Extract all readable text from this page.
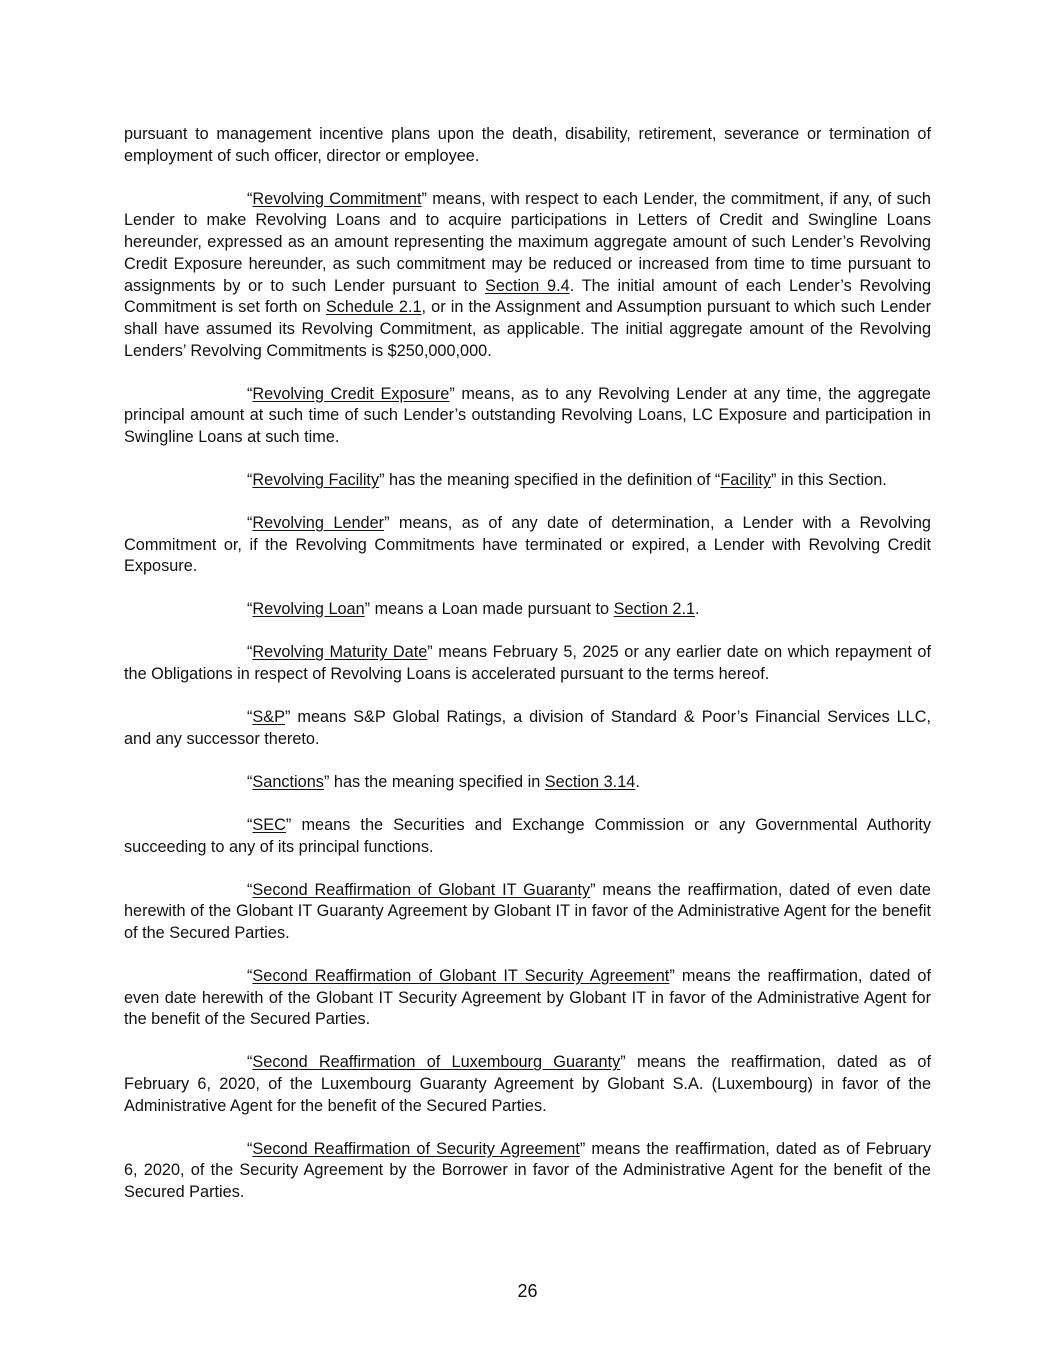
pursuant to management incentive plans upon the death, disability, retirement, severance or termination of employment of such officer, director or employee.

“Revolving Commitment” means, with respect to each Lender, the commitment, if any, of such Lender to make Revolving Loans and to acquire participations in Letters of Credit and Swingline Loans hereunder, expressed as an amount representing the maximum aggregate amount of such Lender’s Revolving Credit Exposure hereunder, as such commitment may be reduced or increased from time to time pursuant to assignments by or to such Lender pursuant to Section 9.4. The initial amount of each Lender’s Revolving Commitment is set forth on Schedule 2.1, or in the Assignment and Assumption pursuant to which such Lender shall have assumed its Revolving Commitment, as applicable. The initial aggregate amount of the Revolving Lenders’ Revolving Commitments is $250,000,000.

“Revolving Credit Exposure” means, as to any Revolving Lender at any time, the aggregate principal amount at such time of such Lender’s outstanding Revolving Loans, LC Exposure and participation in Swingline Loans at such time.

“Revolving Facility” has the meaning specified in the definition of “Facility” in this Section.

“Revolving Lender” means, as of any date of determination, a Lender with a Revolving Commitment or, if the Revolving Commitments have terminated or expired, a Lender with Revolving Credit Exposure.

“Revolving Loan” means a Loan made pursuant to Section 2.1.

“Revolving Maturity Date” means February 5, 2025 or any earlier date on which repayment of the Obligations in respect of Revolving Loans is accelerated pursuant to the terms hereof.

“S&P” means S&P Global Ratings, a division of Standard & Poor’s Financial Services LLC, and any successor thereto.

“Sanctions” has the meaning specified in Section 3.14.

“SEC” means the Securities and Exchange Commission or any Governmental Authority succeeding to any of its principal functions.

“Second Reaffirmation of Globant IT Guaranty” means the reaffirmation, dated of even date herewith of the Globant IT Guaranty Agreement by Globant IT in favor of the Administrative Agent for the benefit of the Secured Parties.

“Second Reaffirmation of Globant IT Security Agreement” means the reaffirmation, dated of even date herewith of the Globant IT Security Agreement by Globant IT in favor of the Administrative Agent for the benefit of the Secured Parties.

“Second Reaffirmation of Luxembourg Guaranty” means the reaffirmation, dated as of February 6, 2020, of the Luxembourg Guaranty Agreement by Globant S.A. (Luxembourg) in favor of the Administrative Agent for the benefit of the Secured Parties.

“Second Reaffirmation of Security Agreement” means the reaffirmation, dated as of February 6, 2020, of the Security Agreement by the Borrower in favor of the Administrative Agent for the benefit of the Secured Parties.

26
